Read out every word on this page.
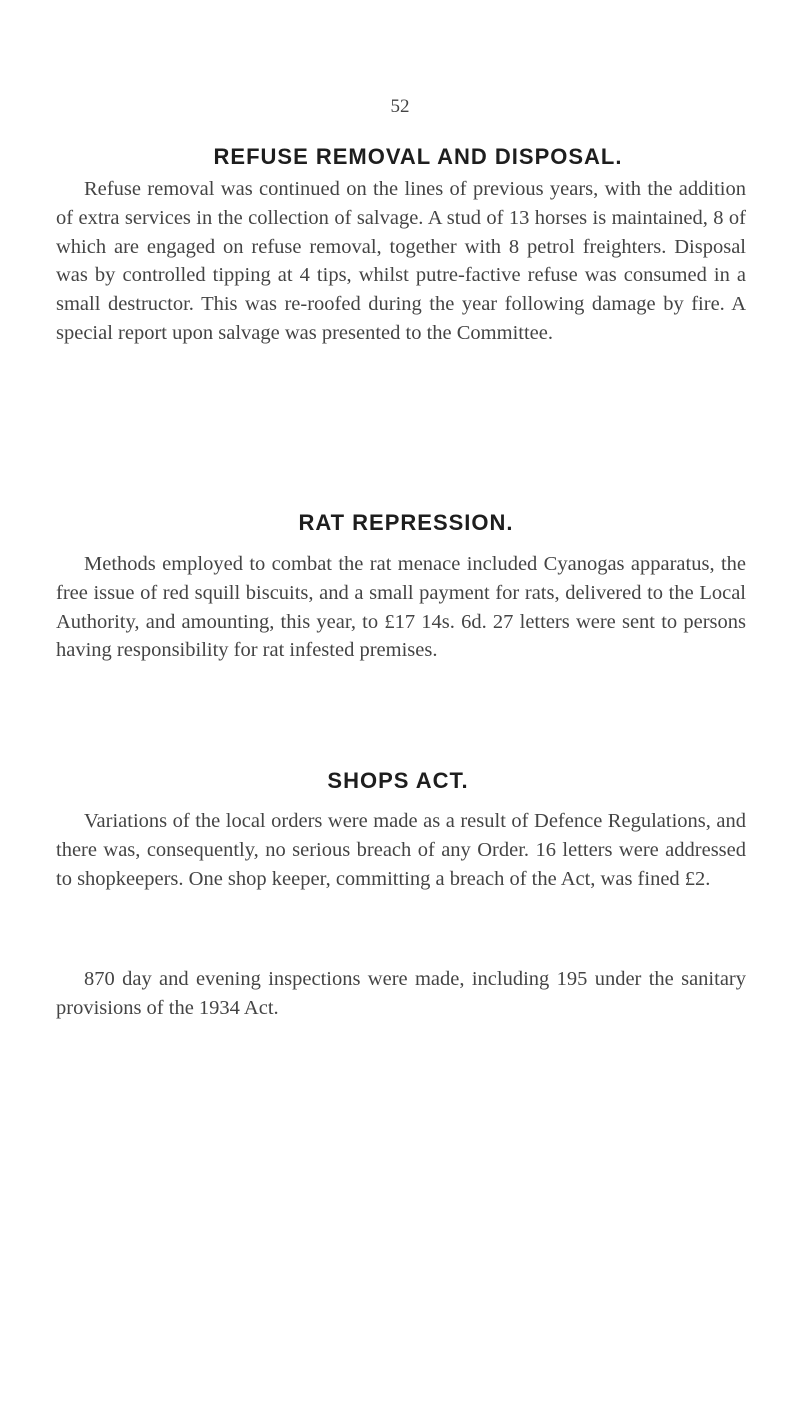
52
REFUSE REMOVAL AND DISPOSAL.

Refuse removal was continued on the lines of previous years, with the addition of extra services in the collection of salvage. A stud of 13 horses is maintained, 8 of which are engaged on refuse removal, together with 8 petrol freighters. Disposal was by controlled tipping at 4 tips, whilst putre-factive refuse was consumed in a small destructor. This was re-roofed during the year following damage by fire. A special report upon salvage was presented to the Committee.

RAT REPRESSION.

Methods employed to combat the rat menace included Cyanogas apparatus, the free issue of red squill biscuits, and a small payment for rats, delivered to the Local Authority, and amounting, this year, to £17 14s. 6d. 27 letters were sent to persons having responsibility for rat infested premises.

SHOPS ACT.

Variations of the local orders were made as a result of Defence Regulations, and there was, consequently, no serious breach of any Order. 16 letters were addressed to shopkeepers. One shop keeper, committing a breach of the Act, was fined £2.

870 day and evening inspections were made, including 195 under the sanitary provisions of the 1934 Act.
